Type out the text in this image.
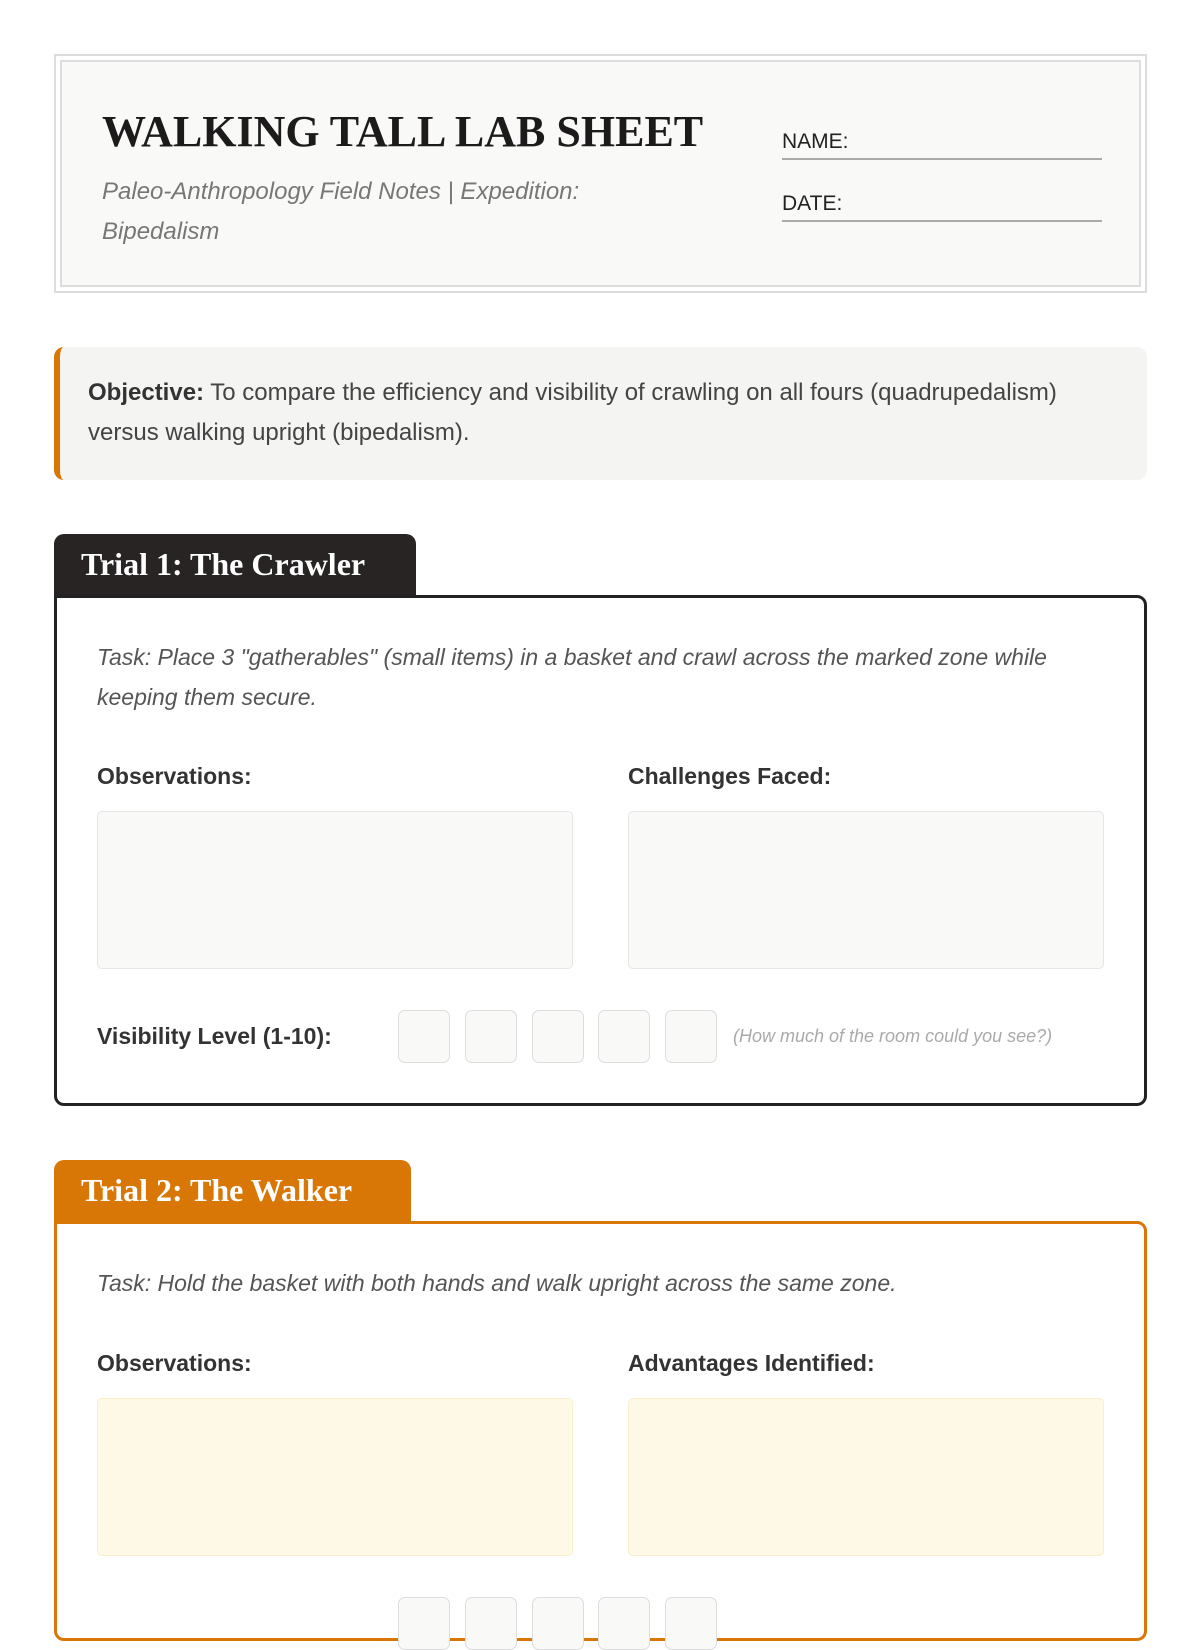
WALKING TALL LAB SHEET
Paleo-Anthropology Field Notes | Expedition: Bipedalism
NAME:
DATE:
Objective: To compare the efficiency and visibility of crawling on all fours (quadrupedalism) versus walking upright (bipedalism).
Trial 1: The Crawler
Task: Place 3 "gatherables" (small items) in a basket and crawl across the marked zone while keeping them secure.
Observations:	Challenges Faced:
Visibility Level (1-10):	(How much of the room could you see?)
Trial 2: The Walker
Task: Hold the basket with both hands and walk upright across the same zone.
Observations:	Advantages Identified:
